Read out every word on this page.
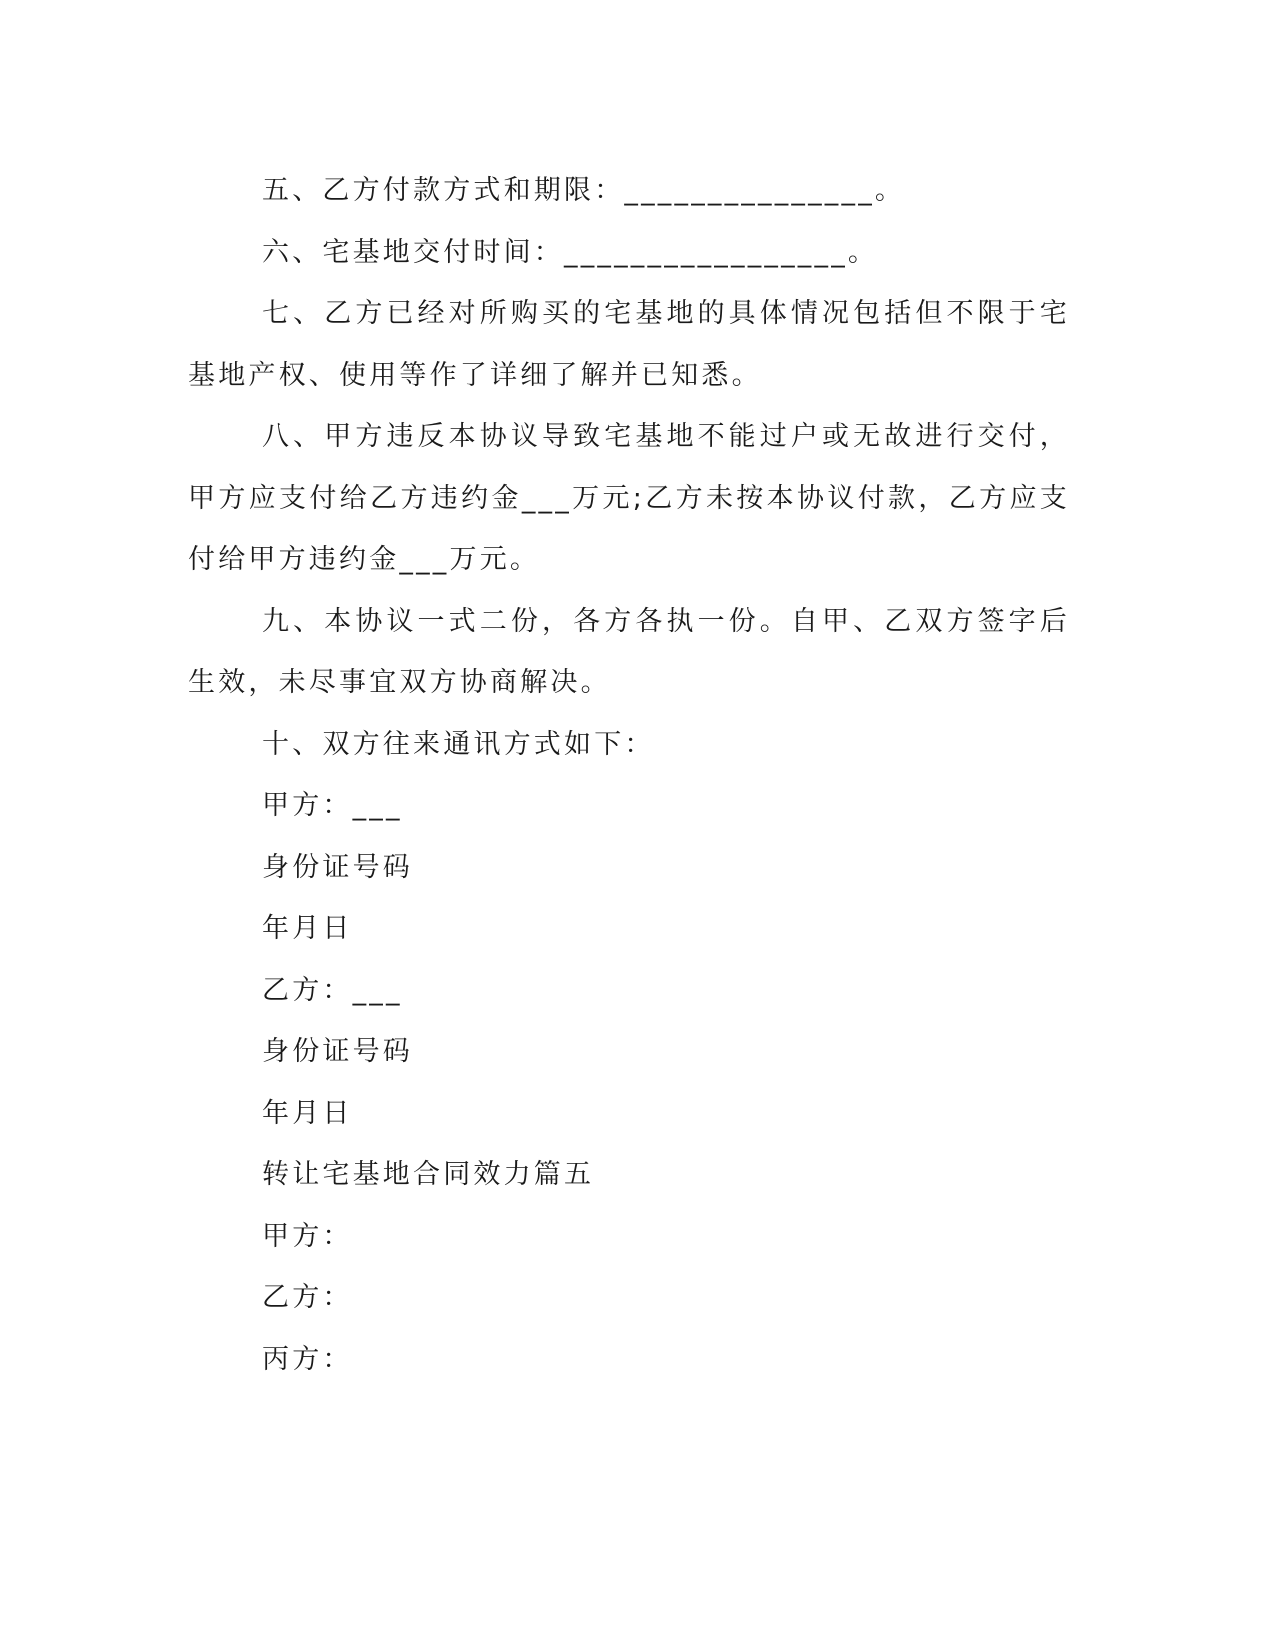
五、乙方付款方式和期限：_______________。

六、宅基地交付时间：_________________。

七、乙方已经对所购买的宅基地的具体情况包括但不限于宅基地产权、使用等作了详细了解并已知悉。

八、甲方违反本协议导致宅基地不能过户或无故进行交付，甲方应支付给乙方违约金___万元;乙方未按本协议付款，乙方应支付给甲方违约金___万元。

九、本协议一式二份，各方各执一份。自甲、乙双方签字后生效，未尽事宜双方协商解决。

十、双方往来通讯方式如下：

甲方：___

身份证号码

年月日

乙方：___

身份证号码

年月日

转让宅基地合同效力篇五

甲方：

乙方：

丙方：
